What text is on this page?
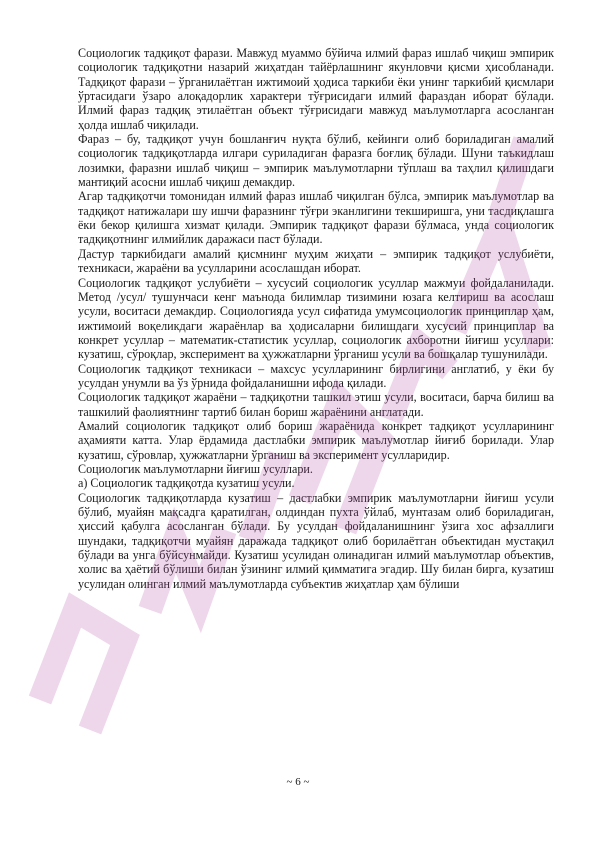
Социологик тадқиқот фарази. Мавжуд муаммо бўйича илмий фараз ишлаб чиқиш эмпирик социологик тадқиқотни назарий жиҳатдан тайёрлашнинг якунловчи қисми ҳисобланади. Тадқиқот фарази – ўрганилаётган ижтимоий ҳодиса таркиби ёки унинг таркибий қисмлари ўртасидаги ўзаро алоқадорлик характери тўғрисидаги илмий фараздан иборат бўлади. Илмий фараз тадқиқ этилаётган объект тўғрисидаги мавжуд маълумотларга асосланган ҳолда ишлаб чиқилади.

Фараз – бу, тадқиқот учун бошланғич нуқта бўлиб, кейинги олиб бориладиган амалий социологик тадқиқотларда илгари суриладиган фаразга боғлиқ бўлади. Шуни таъкидлаш лозимки, фаразни ишлаб чиқиш – эмпирик маълумотларни тўплаш ва таҳлил қилишдаги мантиқий асосни ишлаб чиқиш демакдир.

Агар тадқиқотчи томонидан илмий фараз ишлаб чиқилган бўлса, эмпирик маълумотлар ва тадқиқот натижалари шу ишчи фаразнинг тўғри эканлигини текширишга, уни тасдиқлашга ёки бекор қилишга хизмат қилади. Эмпирик тадқиқот фарази бўлмаса, унда социологик тадқиқотнинг илмийлик даражаси паст бўлади.

Дастур таркибидаги амалий қисмнинг муҳим жиҳати – эмпирик тадқиқот услубиёти, техникаси, жараёни ва усулларини асослашдан иборат.

Социологик тадқиқот услубиёти – хусусий социологик усуллар мажмуи фойдаланилади. Метод /усул/ тушунчаси кенг маънода билимлар тизимини юзага келтириш ва асослаш усули, воситаси демакдир. Социологияда усул сифатида умумсоциологик принциплар ҳам, ижтимоий воқеликдаги жараёнлар ва ҳодисаларни билишдаги хусусий принциплар ва конкрет усуллар – математик-статистик усуллар, социологик ахборотни йиғиш усуллари: кузатиш, сўроқлар, эксперимент ва ҳужжатларни ўрганиш усули ва бошқалар тушунилади.

Социологик тадқиқот техникаси – махсус усулларининг бирлигини англатиб, у ёки бу усулдан унумли ва ўз ўрнида фойдаланишни ифода қилади.

Социологик тадқиқот жараёни – тадқиқотни ташкил этиш усули, воситаси, барча билиш ва ташкилий фаолиятнинг тартиб билан бориш жараёнини англатади.

Амалий социологик тадқиқот олиб бориш жараёнида конкрет тадқиқот усулларининг аҳамияти катта. Улар ёрдамида дастлабки эмпирик маълумотлар йиғиб борилади. Улар кузатиш, сўровлар, ҳужжатларни ўрганиш ва эксперимент усулларидир.

Социологик маълумотларни йиғиш усуллари.

а) Социологик тадқиқотда кузатиш усули.

Социологик тадқиқотларда кузатиш – дастлабки эмпирик маълумотларни йиғиш усули бўлиб, муайян мақсадга қаратилган, олдиндан пухта ўйлаб, мунтазам олиб бориладиган, ҳиссий қабулга асосланган бўлади. Бу усулдан фойдаланишнинг ўзига хос афзаллиги шундаки, тадқиқотчи муайян даражада тадқиқот олиб борилаётган объектидан мустақил бўлади ва унга бўйсунмайди. Кузатиш усулидан олинадиган илмий маълумотлар объектив, холис ва ҳаётий бўлиши билан ўзининг илмий қимматига эгадир. Шу билан бирга, кузатиш усулидан олинган илмий маълумотларда субъектив жиҳатлар ҳам бўлиши

~ 6 ~
